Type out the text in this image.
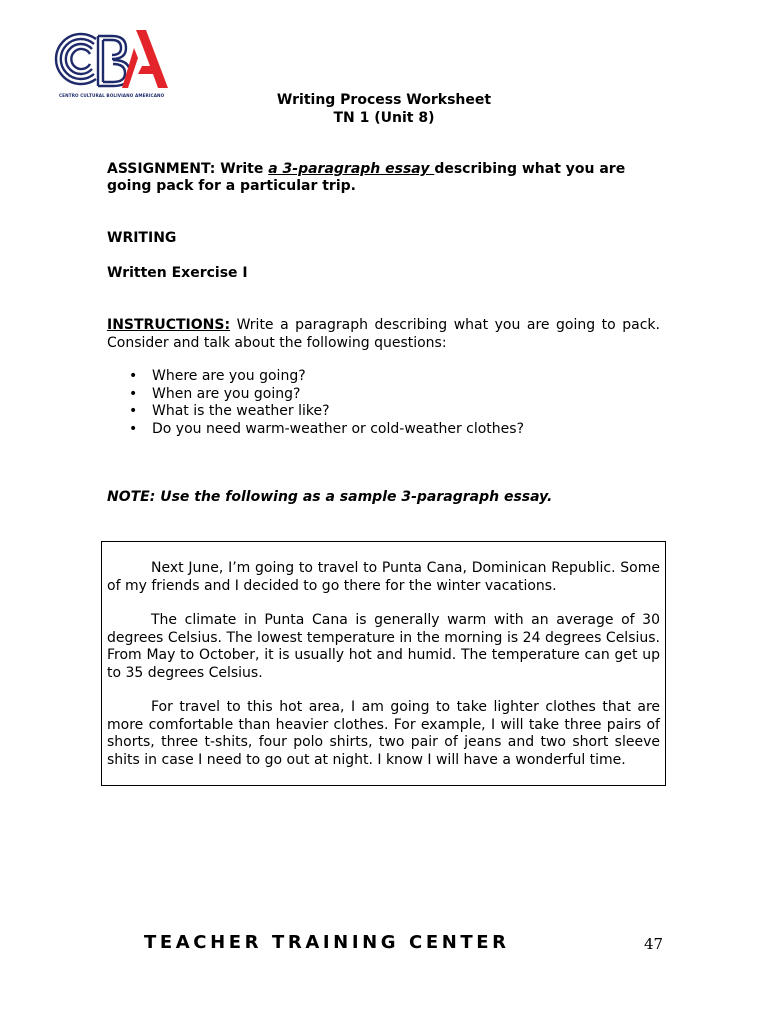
CENTRO CULTURAL BOLIVIANO AMERICANO	Writing Process Worksheet
TN 1 (Unit 8)

ASSIGNMENT: Write a 3-paragraph essay describing what you are going pack for a particular trip.

WRITING

Written Exercise I

INSTRUCTIONS: Write a paragraph describing what you are going to pack. Consider and talk about the following questions:

• Where are you going?
• When are you going?
• What is the weather like?
• Do you need warm-weather or cold-weather clothes?

NOTE: Use the following as a sample 3-paragraph essay.

Next June, I’m going to travel to Punta Cana, Dominican Republic. Some of my friends and I decided to go there for the winter vacations.

The climate in Punta Cana is generally warm with an average of 30 degrees Celsius. The lowest temperature in the morning is 24 degrees Celsius. From May to October, it is usually hot and humid. The temperature can get up to 35 degrees Celsius.

For travel to this hot area, I am going to take lighter clothes that are more comfortable than heavier clothes. For example, I will take three pairs of shorts, three t-shits, four polo shirts, two pair of jeans and two short sleeve shits in case I need to go out at night. I know I will have a wonderful time.

TEACHER TRAINING CENTER	47
